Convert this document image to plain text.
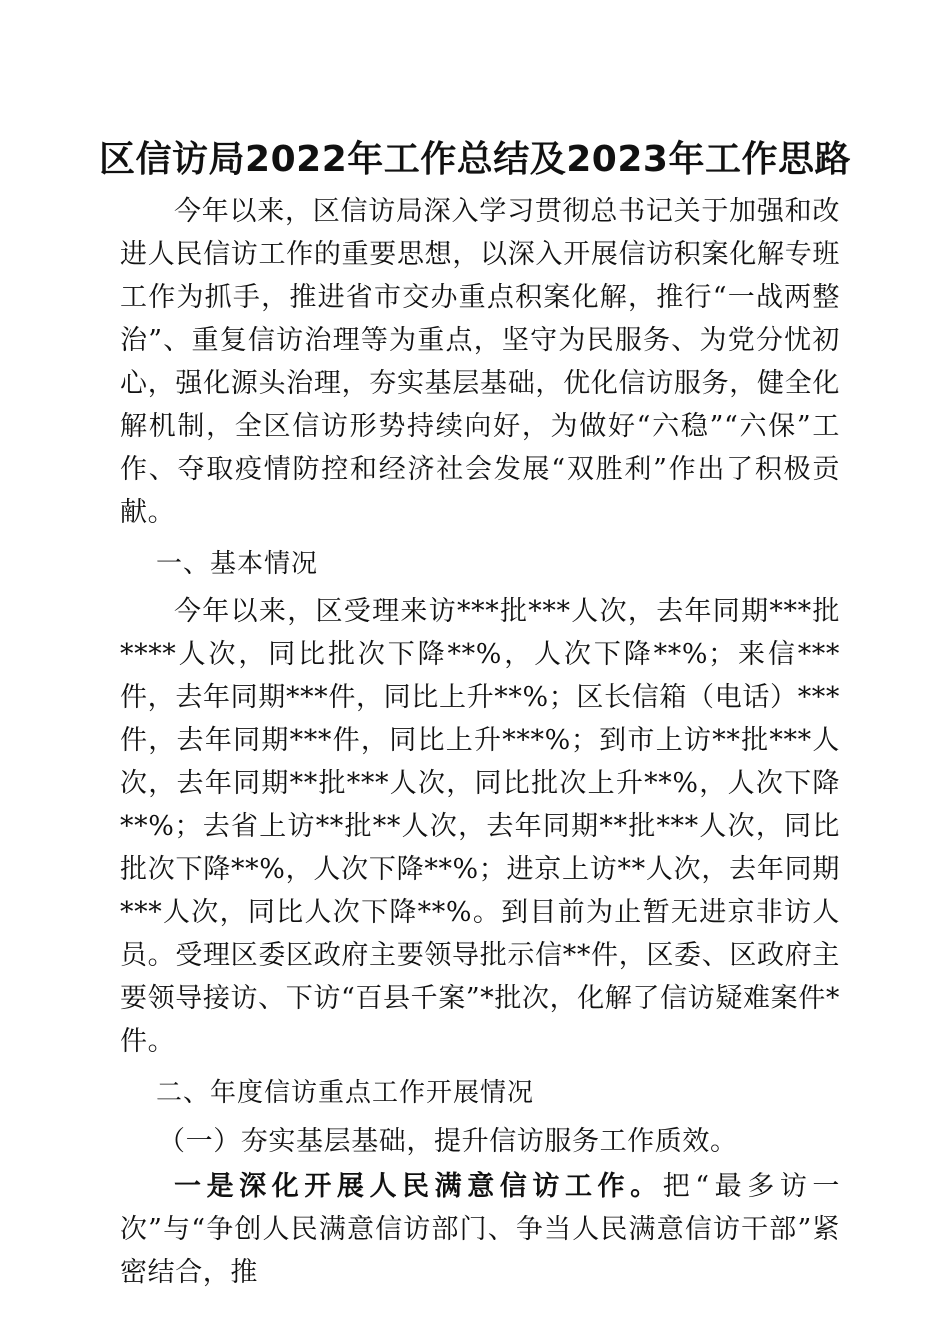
区信访局2022年工作总结及2023年工作思路

今年以来，区信访局深入学习贯彻总书记关于加强和改进人民信访工作的重要思想，以深入开展信访积案化解专班工作为抓手，推进省市交办重点积案化解，推行“一战两整治”、重复信访治理等为重点，坚守为民服务、为党分忧初心，强化源头治理，夯实基层基础，优化信访服务，健全化解机制，全区信访形势持续向好，为做好“六稳”“六保”工作、夺取疫情防控和经济社会发展“双胜利”作出了积极贡献。

一、基本情况

今年以来，区受理来访***批***人次，去年同期***批****人次，同比批次下降**%，人次下降**%；来信***件，去年同期***件，同比上升**%；区长信箱（电话）***件，去年同期***件，同比上升***%；到市上访**批***人次，去年同期**批***人次，同比批次上升**%，人次下降**%；去省上访**批**人次，去年同期**批***人次，同比批次下降**%，人次下降**%；进京上访**人次，去年同期***人次，同比人次下降**%。到目前为止暂无进京非访人员。受理区委区政府主要领导批示信**件，区委、区政府主要领导接访、下访“百县千案”*批次，化解了信访疑难案件*件。

二、年度信访重点工作开展情况

（一）夯实基层基础，提升信访服务工作质效。

一是深化开展人民满意信访工作。把“最多访一次”与“争创人民满意信访部门、争当人民满意信访干部”紧密结合，推
